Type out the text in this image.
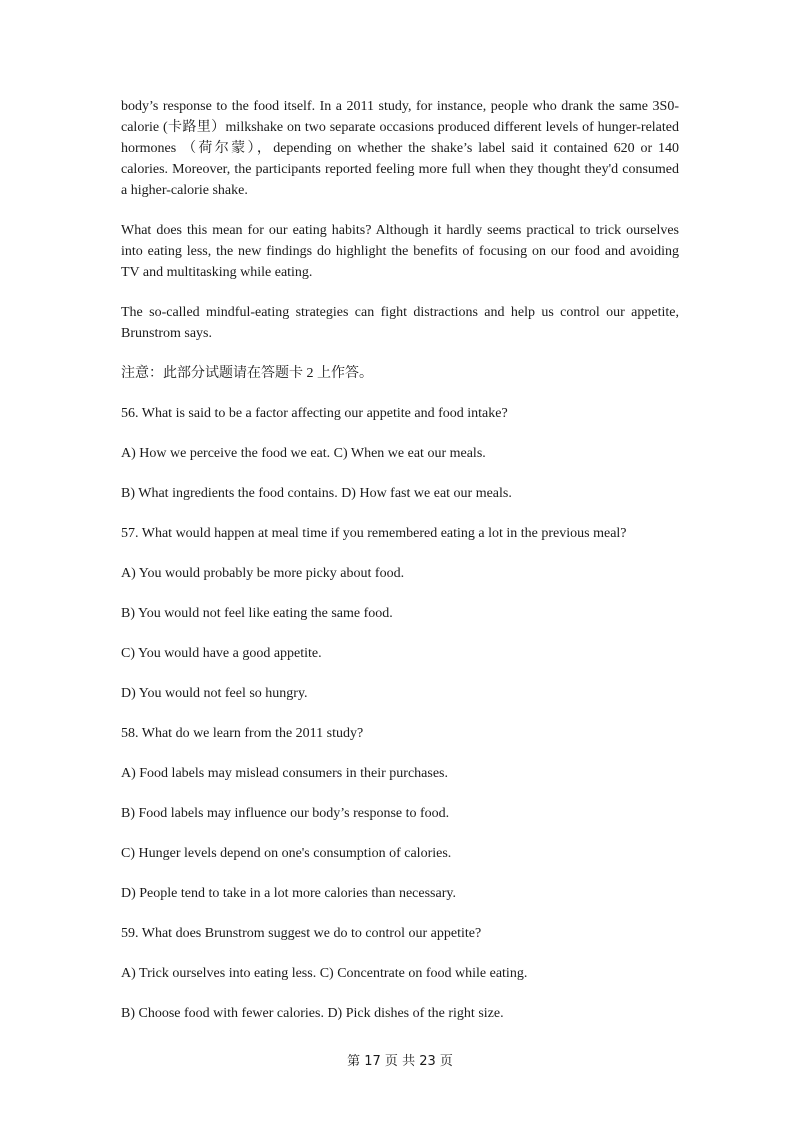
body’s response to the food itself. In a 2011 study, for instance, people who drank the same 3S0-calorie (卡路里）milkshake on two separate occasions produced different levels of hunger-related hormones （荷尔蒙），depending on whether the shake’s label said it contained 620 or 140 calories. Moreover, the participants reported feeling more full when they thought they'd consumed a higher-calorie shake.

What does this mean for our eating habits? Although it hardly seems practical to trick ourselves into eating less, the new findings do highlight the benefits of focusing on our food and avoiding TV and multitasking while eating.

The so-called mindful-eating strategies can fight distractions and help us control our appetite, Brunstrom says.

注意：此部分试题请在答题卡 2 上作答。

56. What is said to be a factor affecting our appetite and food intake?

A) How we perceive the food we eat. C) When we eat our meals.

B) What ingredients the food contains. D) How fast we eat our meals.

57. What would happen at meal time if you remembered eating a lot in the previous meal?

A) You would probably be more picky about food.

B) You would not feel like eating the same food.

C) You would have a good appetite.

D) You would not feel so hungry.

58. What do we learn from the 2011 study?

A) Food labels may mislead consumers in their purchases.

B) Food labels may influence our body’s response to food.

C) Hunger levels depend on one's consumption of calories.

D) People tend to take in a lot more calories than necessary.

59. What does Brunstrom suggest we do to control our appetite?

A) Trick ourselves into eating less. C) Concentrate on food while eating.

B) Choose food with fewer calories. D) Pick dishes of the right size.

第 17 页 共 23 页
